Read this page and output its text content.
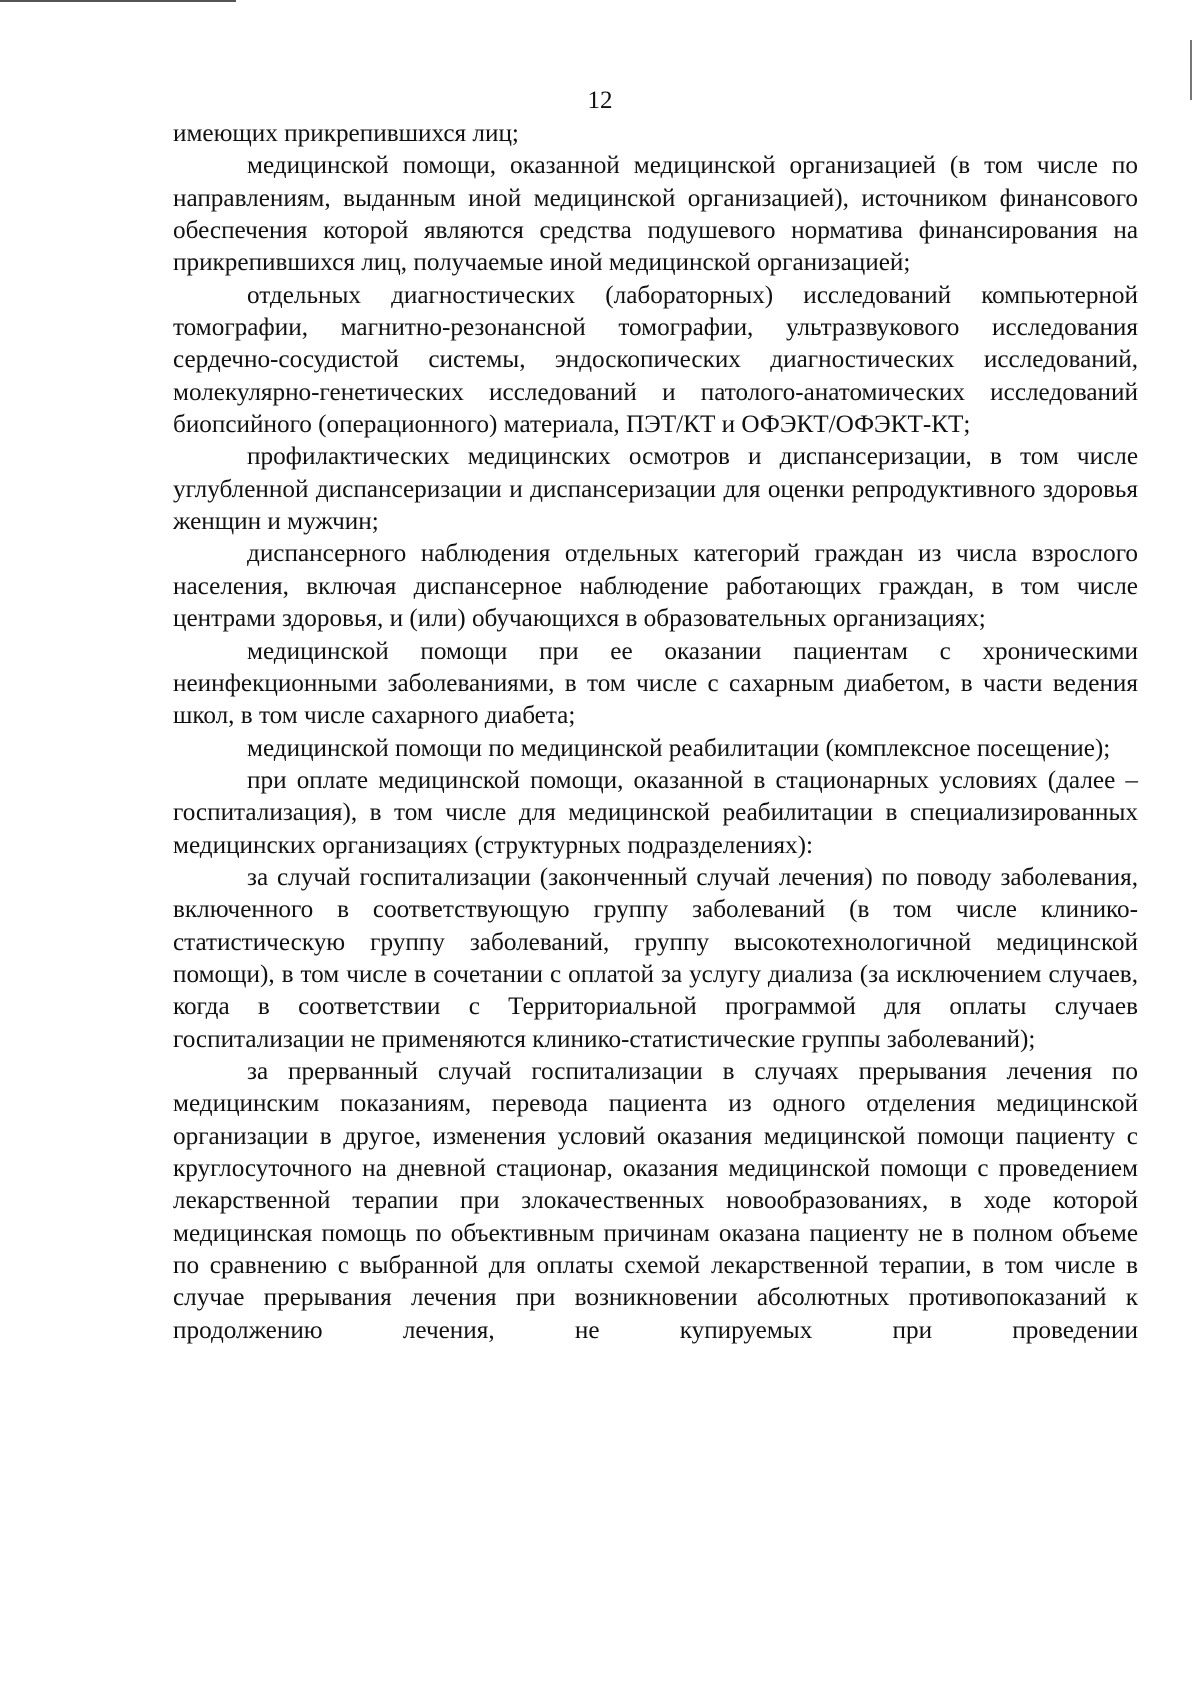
12

имеющих прикрепившихся лиц;

медицинской помощи, оказанной медицинской организацией (в том числе по направлениям, выданным иной медицинской организацией), источником финансового обеспечения которой являются средства подушевого норматива финансирования на прикрепившихся лиц, получаемые иной медицинской организацией;

отдельных диагностических (лабораторных) исследований компьютерной томографии, магнитно-резонансной томографии, ультразвукового исследования сердечно-сосудистой системы, эндоскопических диагностических исследований, молекулярно-генетических исследований и патолого-анатомических исследований биопсийного (операционного) материала, ПЭТ/КТ и ОФЭКТ/ОФЭКТ-КТ;

профилактических медицинских осмотров и диспансеризации, в том числе углубленной диспансеризации и диспансеризации для оценки репродуктивного здоровья женщин и мужчин;

диспансерного наблюдения отдельных категорий граждан из числа взрослого населения, включая диспансерное наблюдение работающих граждан, в том числе центрами здоровья, и (или) обучающихся в образовательных организациях;

медицинской помощи при ее оказании пациентам с хроническими неинфекционными заболеваниями, в том числе с сахарным диабетом, в части ведения школ, в том числе сахарного диабета;

медицинской помощи по медицинской реабилитации (комплексное посещение);

при оплате медицинской помощи, оказанной в стационарных условиях (далее – госпитализация), в том числе для медицинской реабилитации в специализированных медицинских организациях (структурных подразделениях):

за случай госпитализации (законченный случай лечения) по поводу заболевания, включенного в соответствующую группу заболеваний (в том числе клинико-статистическую группу заболеваний, группу высокотехнологичной медицинской помощи), в том числе в сочетании с оплатой за услугу диализа (за исключением случаев, когда в соответствии с Территориальной программой для оплаты случаев госпитализации не применяются клинико-статистические группы заболеваний);

за прерванный случай госпитализации в случаях прерывания лечения по медицинским показаниям, перевода пациента из одного отделения медицинской организации в другое, изменения условий оказания медицинской помощи пациенту с круглосуточного на дневной стационар, оказания медицинской помощи с проведением лекарственной терапии при злокачественных новообразованиях, в ходе которой медицинская помощь по объективным причинам оказана пациенту не в полном объеме по сравнению с выбранной для оплаты схемой лекарственной терапии, в том числе в случае прерывания лечения при возникновении абсолютных противопоказаний к продолжению лечения, не купируемых при проведении
